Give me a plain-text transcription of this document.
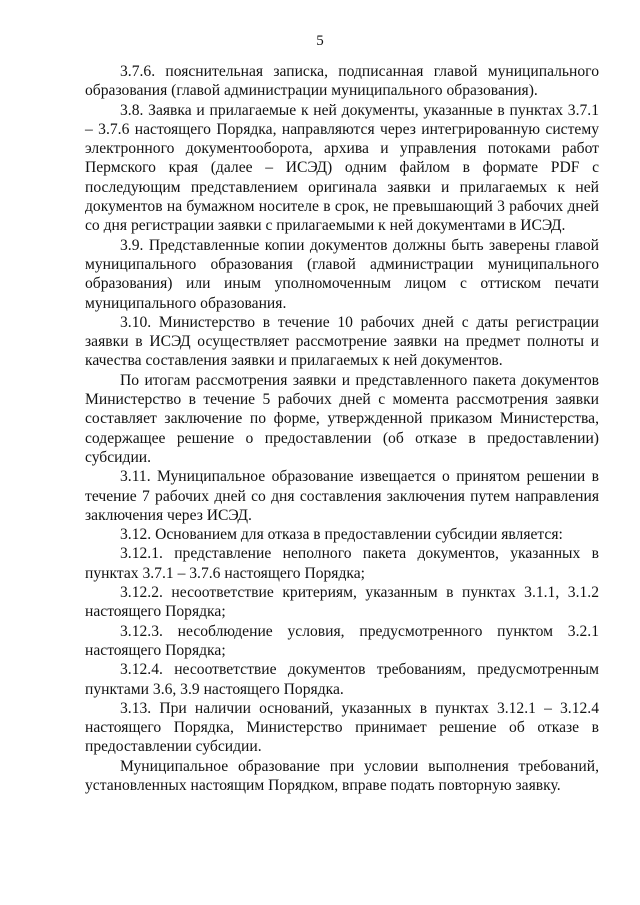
5

3.7.6. пояснительная записка, подписанная главой муниципального образования (главой администрации муниципального образования).

3.8. Заявка и прилагаемые к ней документы, указанные в пунктах 3.7.1 – 3.7.6 настоящего Порядка, направляются через интегрированную систему электронного документооборота, архива и управления потоками работ Пермского края (далее – ИСЭД) одним файлом в формате PDF с последующим представлением оригинала заявки и прилагаемых к ней документов на бумажном носителе в срок, не превышающий 3 рабочих дней со дня регистрации заявки с прилагаемыми к ней документами в ИСЭД.

3.9. Представленные копии документов должны быть заверены главой муниципального образования (главой администрации муниципального образования) или иным уполномоченным лицом с оттиском печати муниципального образования.

3.10. Министерство в течение 10 рабочих дней с даты регистрации заявки в ИСЭД осуществляет рассмотрение заявки на предмет полноты и качества составления заявки и прилагаемых к ней документов.

По итогам рассмотрения заявки и представленного пакета документов Министерство в течение 5 рабочих дней с момента рассмотрения заявки составляет заключение по форме, утвержденной приказом Министерства, содержащее решение о предоставлении (об отказе в предоставлении) субсидии.

3.11. Муниципальное образование извещается о принятом решении в течение 7 рабочих дней со дня составления заключения путем направления заключения через ИСЭД.

3.12. Основанием для отказа в предоставлении субсидии является:

3.12.1. представление неполного пакета документов, указанных в пунктах 3.7.1 – 3.7.6 настоящего Порядка;

3.12.2. несоответствие критериям, указанным в пунктах 3.1.1, 3.1.2 настоящего Порядка;

3.12.3. несоблюдение условия, предусмотренного пунктом 3.2.1 настоящего Порядка;

3.12.4. несоответствие документов требованиям, предусмотренным пунктами 3.6, 3.9 настоящего Порядка.

3.13. При наличии оснований, указанных в пунктах 3.12.1 – 3.12.4 настоящего Порядка, Министерство принимает решение об отказе в предоставлении субсидии.

Муниципальное образование при условии выполнения требований, установленных настоящим Порядком, вправе подать повторную заявку.
